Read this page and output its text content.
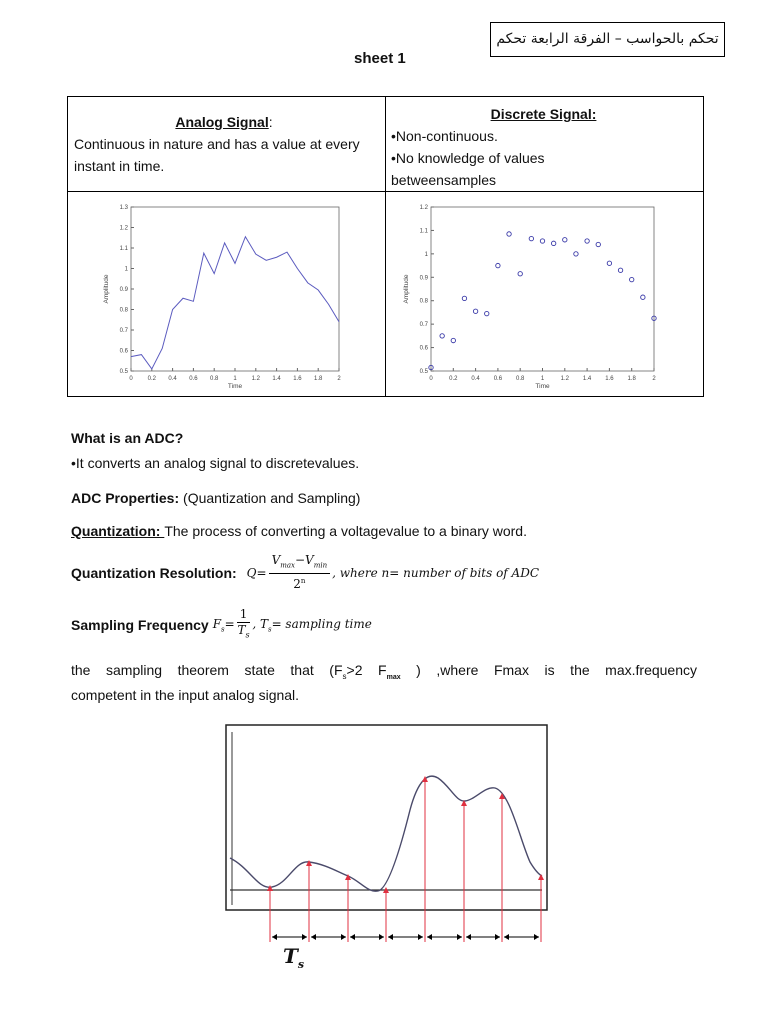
تحكم بالحواسب – الفرقة الرابعة تحكم
sheet 1
Analog Signal:
Continuous in nature and has a value at every instant in time.
Discrete Signal:
•Non-continuous.
•No knowledge of values betweensamples
0 0.2 0.4 0.6 0.8 1 1.2 1.4 1.6 1.8 2
0.5
0.6
0.7
0.8
0.9
1
1.1
1.2
1.3
Time
Amplitude
0	0.2 0.4 0.6 0.8	1	1.2 1.4 1.6 1.8	2
0.5
0.6
0.7
0.8
0.9
1
1.1
1.2
Time
Amplitude
What is an ADC?
•It converts an analog signal to discretevalues.
ADC Properties: (Quantization and Sampling)
Quantization: The process of converting a voltagevalue to a binary word.
Quantization Resolution: $Q= \frac{V_{max}-V_{min}}{2^n}$ , where n= number of bits of ADC
Sampling Frequency $F_s= \frac{1}{T_s}$ , $T_s=$ sampling time
the sampling theorem state that ($F_s>2$ $F_{max}$ ) ,where Fmax is the max.frequency
competent in the input analog signal.
$T_s$
